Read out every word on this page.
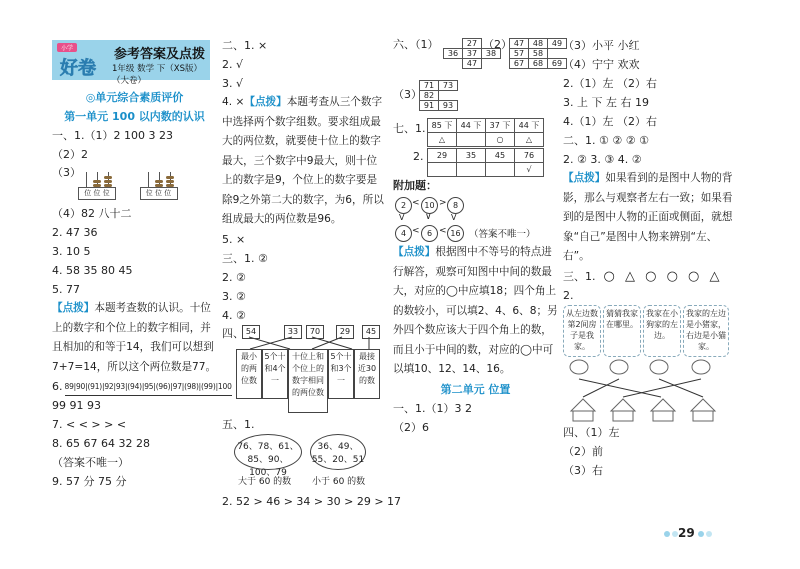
小学
好卷
参考答案及点拨
1年级 数学 下（XS版）（大卷）
◎单元综合素质评价
第一单元 100 以内数的认识
一、1.（1）2 100 3 23
（2）2
（3）
位 位 位
	位 位 位
（4）82 八十二
2. 47 36
3. 10 5
4. 58 35 80 45
5. 77
【点拨】本题考查数的认识。十位上的数字和个位上的数字相同，并且相加的和等于14，我们可以想到7+7=14，所以这个两位数是77。
6. 89|90|(91)|92|93|(94)|95|(96)|97|(98)|(99)|100
99 91 93
7. < < > > <
8. 65 67 64 32 28
（答案不唯一）
9. 57 分 75 分
二、1. ×
2. √
3. √
4. ×【点拨】本题考查从三个数字中选择两个数字组数。要求组成最大的两位数，就要使十位上的数字最大，三个数字中9最大，则十位上的数字是9，个位上的数字要是除9之外第二大的数字，为6，所以组成最大的两位数是96。
5. ×
三、1. ②
2. ②
3. ②
4. ②
四、 54	33	70	29	45
最小的两位数
5个十和4个一
十位上和个位上的数字相同的两位数
5个十和3个一
最接近30的数
五、1.
76、78、61、85、90、100、79
36、49、55、20、51
大于 60 的数 小于 60 的数
2. 52 > 46 > 34 > 30 > 29 > 17
六、（1）
		27	
36	37	38
	47	
（2） 47	48	49
57	58	
67	68	69
（3）
71	73
82	
91	93
七、1. 85 下	44 下	37 下	44 下
△		○	△
2. 29	35	45	76
			√
附加题：
2 < 10 > 8
V ∨ V
4 < 6 < 16 （答案不唯一）
【点拨】根据图中不等号的特点进行解答，观察可知图中中间的数最大，对应的◯中应填18；四个角上的数较小，可以填2、4、6、8；另外四个数应该大于四个角上的数，而且小于中间的数，对应的◯中可以填10、12、14、16。
第二单元 位置
一、1.（1）3 2
（2）6
（3）小平 小红
（4）宁宁 欢欢
2.（1）左 （2）右
3. 上 下 左 右 19
4.（1）左 （2）右
二、1. ① ② ② ①
2. ② 3. ③ 4. ②
【点拨】如果看到的是图中人物的背影，那么与观察者左右一致；如果看到的是图中人物的正面或侧面，就想象“自己”是图中人物来辨别“左、右”。
三、1. ○ △ ○ ○ ○ △
2.
从左边数第2间房子是我家。
猜猜我家在哪里。
我家在小狗家的左边。
我家的左边是小猪家，右边是小猫家。
四、（1）左
（2）前
（3）右
29
